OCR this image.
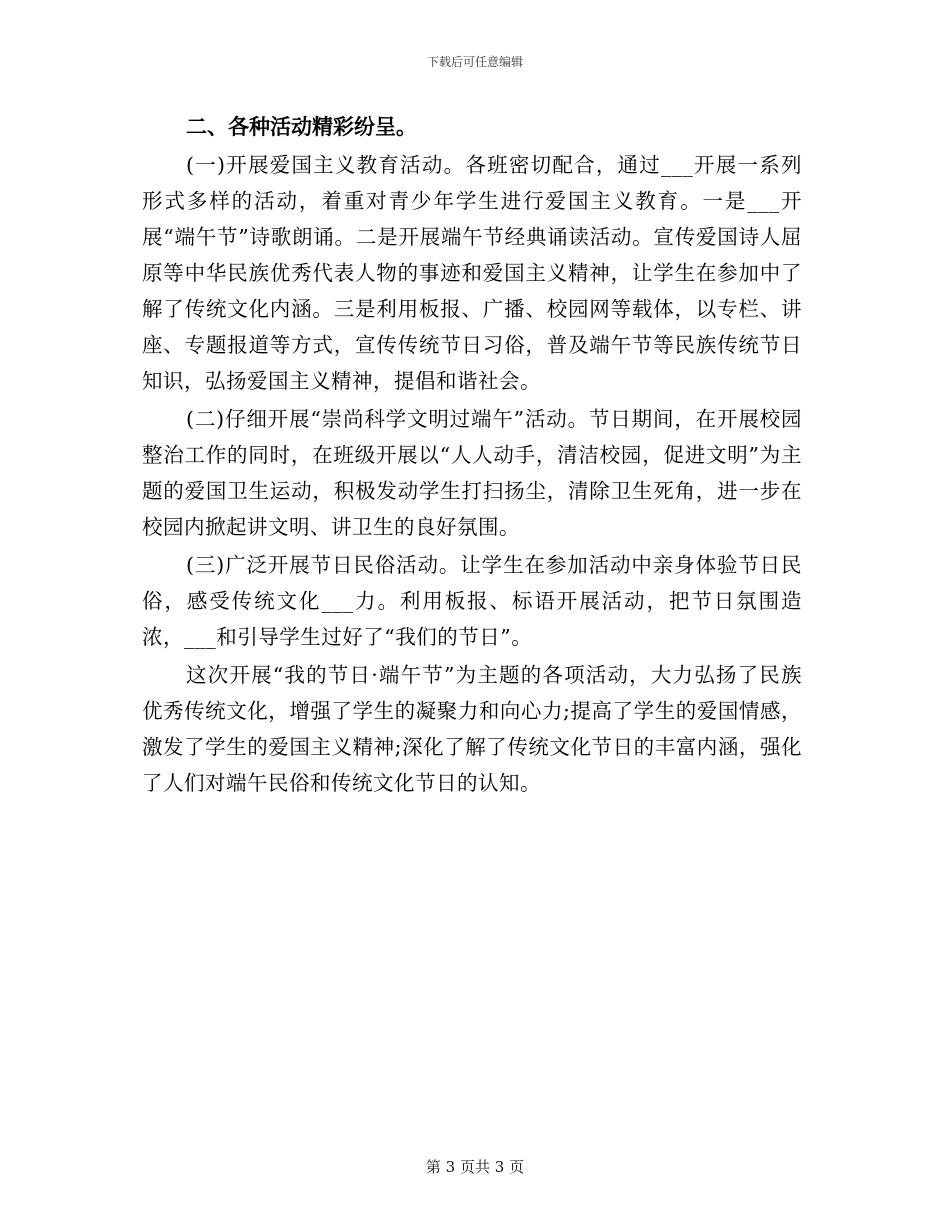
下载后可任意编辑

二、各种活动精彩纷呈。

(一)开展爱国主义教育活动。各班密切配合，通过___开展一系列形式多样的活动，着重对青少年学生进行爱国主义教育。一是___开展“端午节”诗歌朗诵。二是开展端午节经典诵读活动。宣传爱国诗人屈原等中华民族优秀代表人物的事迹和爱国主义精神，让学生在参加中了解了传统文化内涵。三是利用板报、广播、校园网等载体，以专栏、讲座、专题报道等方式，宣传传统节日习俗，普及端午节等民族传统节日知识，弘扬爱国主义精神，提倡和谐社会。

(二)仔细开展“崇尚科学文明过端午”活动。节日期间，在开展校园整治工作的同时，在班级开展以“人人动手，清洁校园，促进文明”为主题的爱国卫生运动，积极发动学生打扫扬尘，清除卫生死角，进一步在校园内掀起讲文明、讲卫生的良好氛围。

(三)广泛开展节日民俗活动。让学生在参加活动中亲身体验节日民俗，感受传统文化___力。利用板报、标语开展活动，把节日氛围造浓，___和引导学生过好了“我们的节日”。

这次开展“我的节日·端午节”为主题的各项活动，大力弘扬了民族优秀传统文化，增强了学生的凝聚力和向心力;提高了学生的爱国情感，激发了学生的爱国主义精神;深化了解了传统文化节日的丰富内涵，强化了人们对端午民俗和传统文化节日的认知。

第 3 页共 3 页
